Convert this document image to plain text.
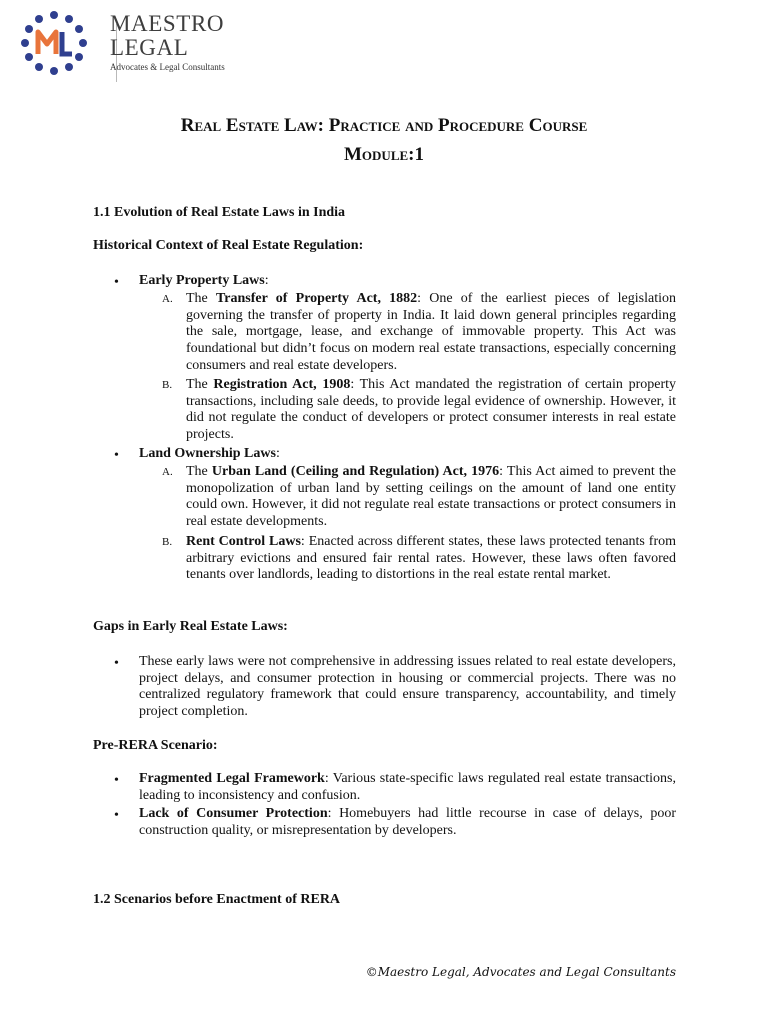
MAESTRO
LEGAL
Advocates & Legal Consultants
Real Estate Law: Practice and Procedure Course
Module:1
1.1 Evolution of Real Estate Laws in India
Historical Context of Real Estate Regulation:
• Early Property Laws:
A. The Transfer of Property Act, 1882: One of the earliest pieces of legislation governing the transfer of property in India. It laid down general principles regarding the sale, mortgage, lease, and exchange of immovable property. This Act was foundational but didn’t focus on modern real estate transactions, especially concerning consumers and real estate developers.
B. The Registration Act, 1908: This Act mandated the registration of certain property transactions, including sale deeds, to provide legal evidence of ownership. However, it did not regulate the conduct of developers or protect consumer interests in real estate projects.
• Land Ownership Laws:
A. The Urban Land (Ceiling and Regulation) Act, 1976: This Act aimed to prevent the monopolization of urban land by setting ceilings on the amount of land one entity could own. However, it did not regulate real estate transactions or protect consumers in real estate developments.
B. Rent Control Laws: Enacted across different states, these laws protected tenants from arbitrary evictions and ensured fair rental rates. However, these laws often favored tenants over landlords, leading to distortions in the real estate rental market.
Gaps in Early Real Estate Laws:
• These early laws were not comprehensive in addressing issues related to real estate developers, project delays, and consumer protection in housing or commercial projects. There was no centralized regulatory framework that could ensure transparency, accountability, and timely project completion.
Pre-RERA Scenario:
• Fragmented Legal Framework: Various state-specific laws regulated real estate transactions, leading to inconsistency and confusion.
• Lack of Consumer Protection: Homebuyers had little recourse in case of delays, poor construction quality, or misrepresentation by developers.
1.2 Scenarios before Enactment of RERA
©Maestro Legal, Advocates and Legal Consultants
